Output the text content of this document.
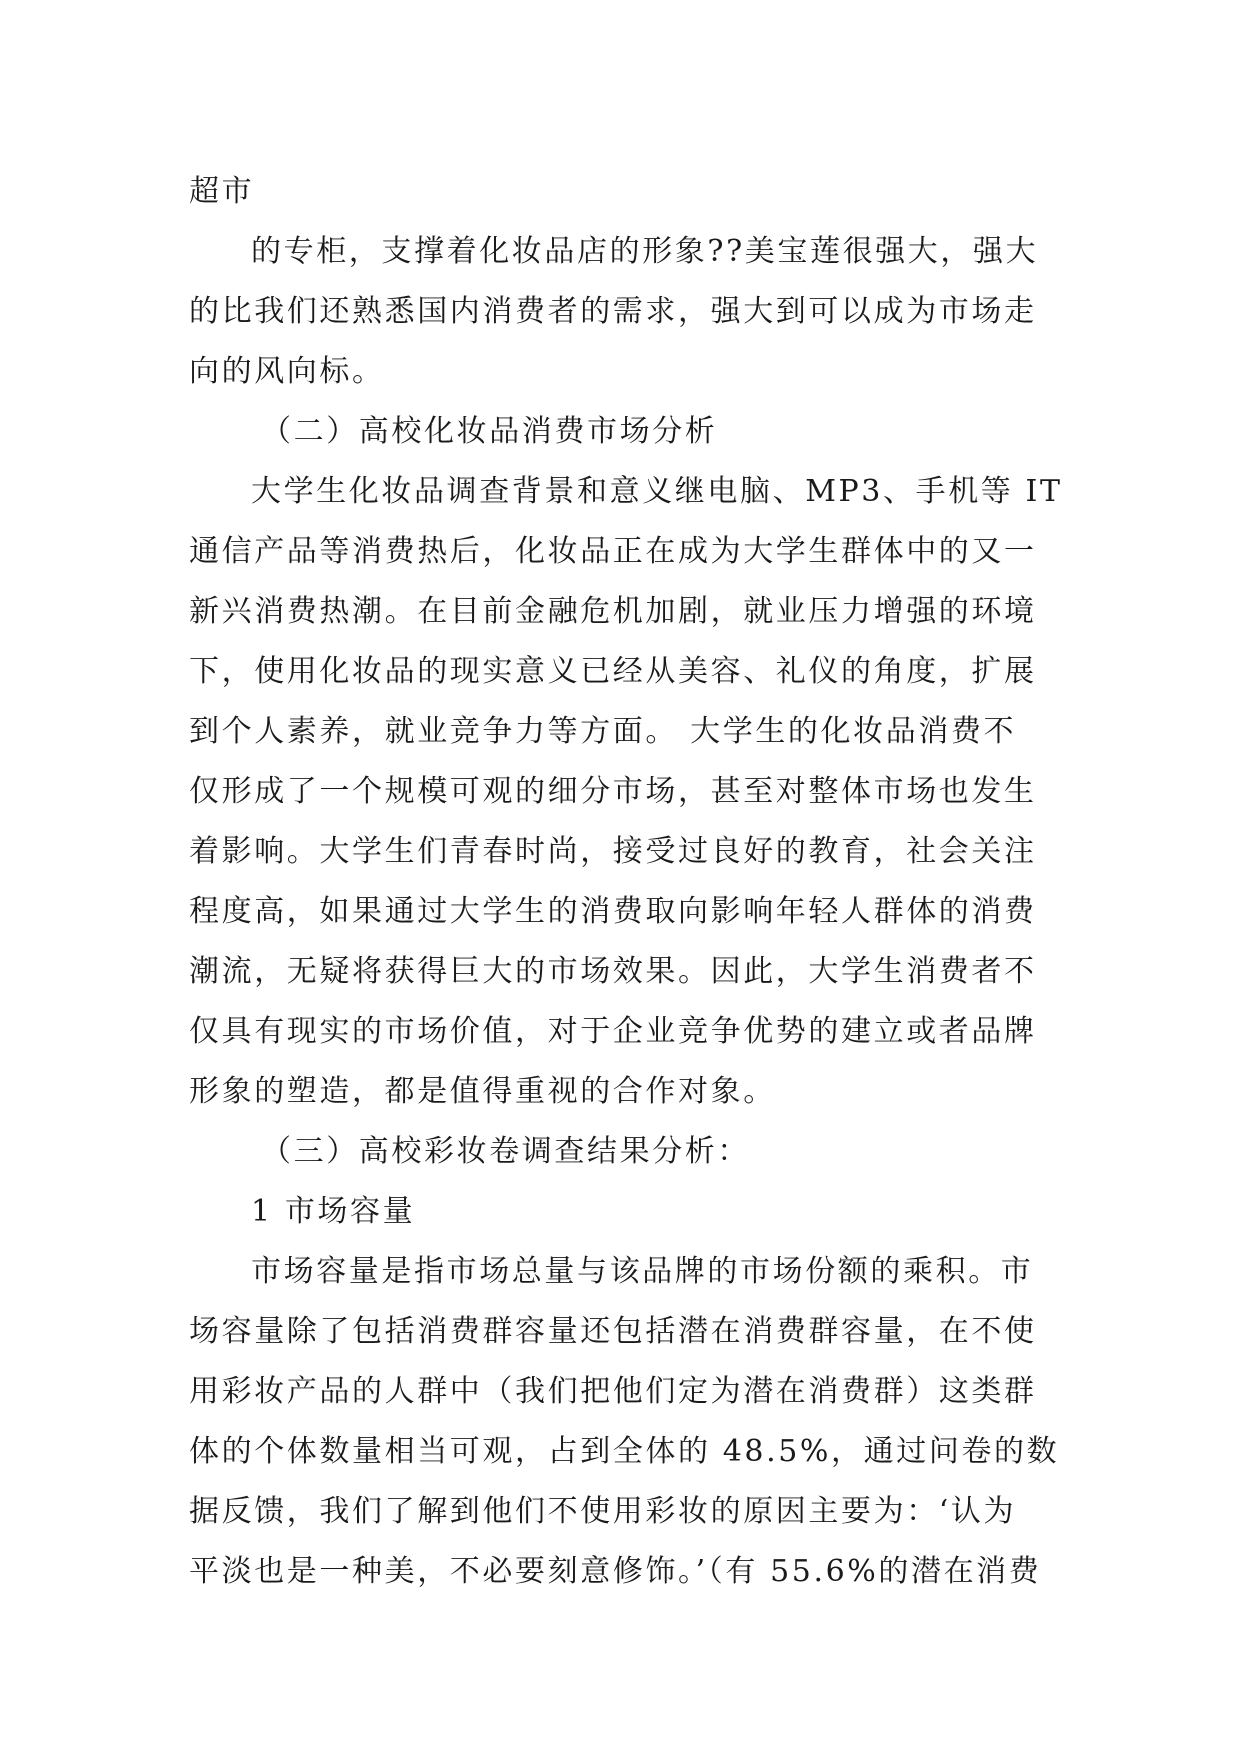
超市
的专柜，支撑着化妆品店的形象??美宝莲很强大，强大
的比我们还熟悉国内消费者的需求，强大到可以成为市场走
向的风向标。
（二）高校化妆品消费市场分析
大学生化妆品调查背景和意义继电脑、MP3、手机等 IT
通信产品等消费热后，化妆品正在成为大学生群体中的又一
新兴消费热潮。在目前金融危机加剧，就业压力增强的环境
下，使用化妆品的现实意义已经从美容、礼仪的角度，扩展
到个人素养，就业竞争力等方面。 大学生的化妆品消费不
仅形成了一个规模可观的细分市场，甚至对整体市场也发生
着影响。大学生们青春时尚，接受过良好的教育，社会关注
程度高，如果通过大学生的消费取向影响年轻人群体的消费
潮流，无疑将获得巨大的市场效果。因此，大学生消费者不
仅具有现实的市场价值，对于企业竞争优势的建立或者品牌
形象的塑造，都是值得重视的合作对象。
（三）高校彩妆卷调查结果分析：
1 市场容量
市场容量是指市场总量与该品牌的市场份额的乘积。市
场容量除了包括消费群容量还包括潜在消费群容量，在不使
用彩妆产品的人群中（我们把他们定为潜在消费群）这类群
体的个体数量相当可观，占到全体的 48.5%，通过问卷的数
据反馈，我们了解到他们不使用彩妆的原因主要为：‘认为
平淡也是一种美，不必要刻意修饰。’（有 55.6%的潜在消费
